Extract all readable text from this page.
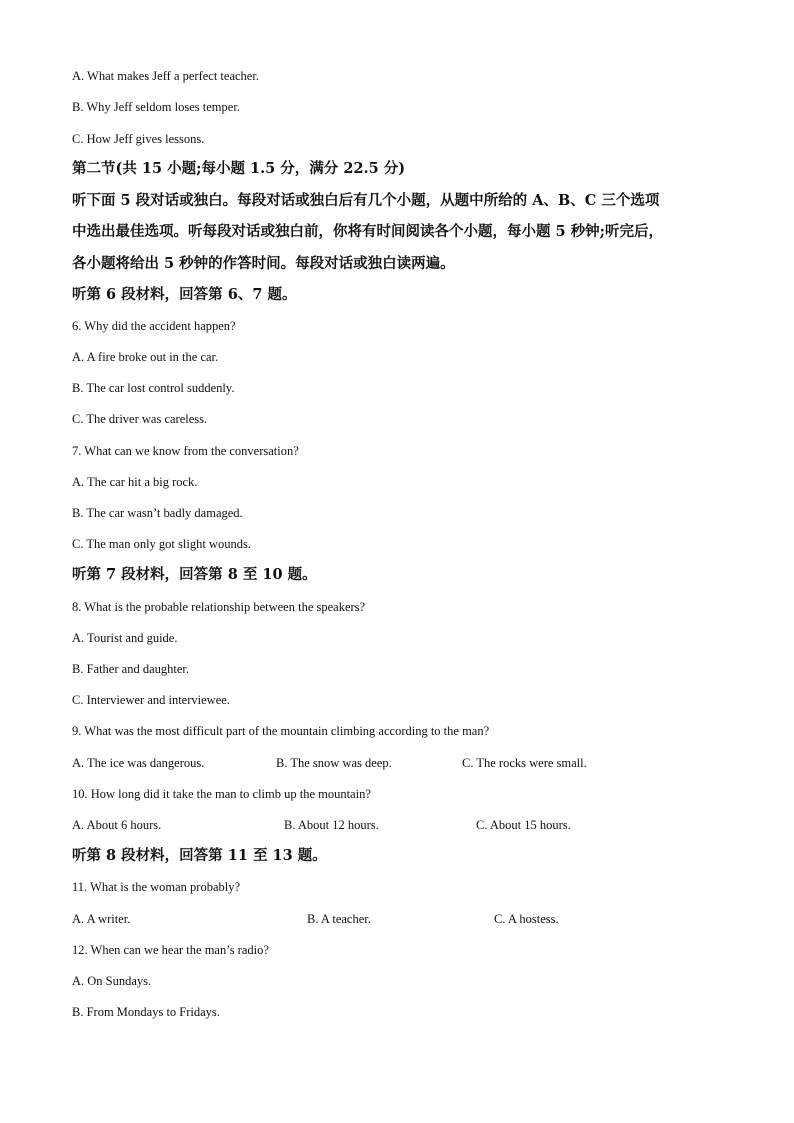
A. What makes Jeff a perfect teacher.
B. Why Jeff seldom loses temper.
C. How Jeff gives lessons.
第二节(共 15 小题;每小题 1.5 分，满分 22.5 分)
听下面 5 段对话或独白。每段对话或独白后有几个小题，从题中所给的 A、B、C 三个选项
中选出最佳选项。听每段对话或独白前，你将有时间阅读各个小题，每小题 5 秒钟;听完后，
各小题将给出 5 秒钟的作答时间。每段对话或独白读两遍。
听第 6 段材料，回答第 6、7 题。
6. Why did the accident happen?
A. A fire broke out in the car.
B. The car lost control suddenly.
C. The driver was careless.
7. What can we know from the conversation?
A. The car hit a big rock.
B. The car wasn’t badly damaged.
C. The man only got slight wounds.
听第 7 段材料，回答第 8 至 10 题。
8. What is the probable relationship between the speakers?
A. Tourist and guide.
B. Father and daughter.
C. Interviewer and interviewee.
9. What was the most difficult part of the mountain climbing according to the man?
A. The ice was dangerous.	B. The snow was deep.	C. The rocks were small.
10. How long did it take the man to climb up the mountain?
A. About 6 hours.	B. About 12 hours.	C. About 15 hours.
听第 8 段材料，回答第 11 至 13 题。
11. What is the woman probably?
A. A writer.	B. A teacher.	C. A hostess.
12. When can we hear the man’s radio?
A. On Sundays.
B. From Mondays to Fridays.
